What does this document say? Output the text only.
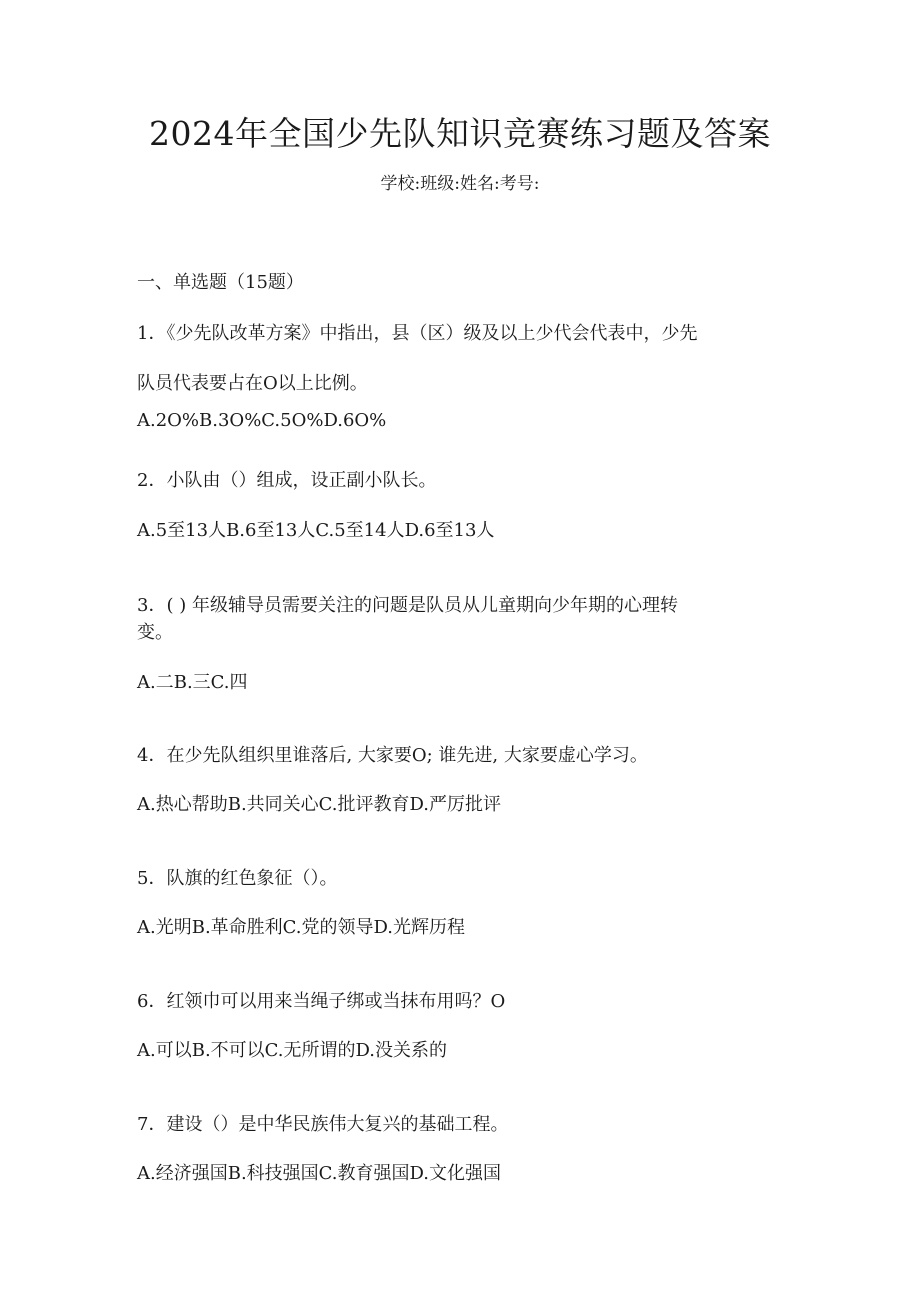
2024年全国少先队知识竞赛练习题及答案
学校:班级:姓名:考号:
一、单选题（15题）
1．《少先队改革方案》中指出，县（区）级及以上少代会代表中，少先
队员代表要占在O以上比例。
A.2O%B.3O%C.5O%D.6O%
2．小队由（）组成，设正副小队长。
A.5至13人B.6至13人C.5至14人D.6至13人
3．( ) 年级辅导员需要关注的问题是队员从儿童期向少年期的心理转
变。
A.二B.三C.四
4．在少先队组织里谁落后, 大家要O; 谁先进, 大家要虚心学习。
A.热心帮助B.共同关心C.批评教育D.严厉批评
5．队旗的红色象征（）。
A.光明B.革命胜利C.党的领导D.光辉历程
6．红领巾可以用来当绳子绑或当抹布用吗？O
A.可以B.不可以C.无所谓的D.没关系的
7．建设（）是中华民族伟大复兴的基础工程。
A.经济强国B.科技强国C.教育强国D.文化强国
